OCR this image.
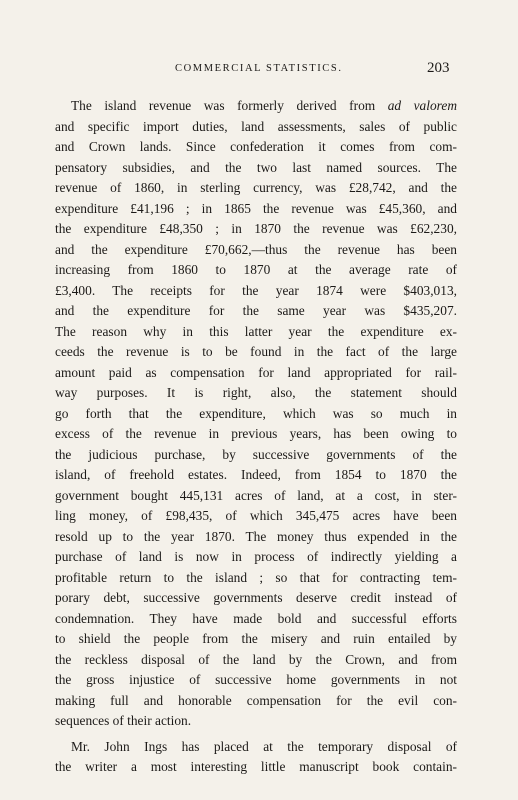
COMMERCIAL STATISTICS.	203
The island revenue was formerly derived from ad valorem
and specific import duties, land assessments, sales of public
and Crown lands. Since confederation it comes from com-
pensatory subsidies, and the two last named sources. The
revenue of 1860, in sterling currency, was £28,742, and the
expenditure £41,196 ; in 1865 the revenue was £45,360, and
the expenditure £48,350 ; in 1870 the revenue was £62,230,
and the expenditure £70,662,—thus the revenue has been
increasing from 1860 to 1870 at the average rate of
£3,400. The receipts for the year 1874 were $403,013,
and the expenditure for the same year was $435,207.
The reason why in this latter year the expenditure ex-
ceeds the revenue is to be found in the fact of the large
amount paid as compensation for land appropriated for rail-
way purposes. It is right, also, the statement should
go forth that the expenditure, which was so much in
excess of the revenue in previous years, has been owing to
the judicious purchase, by successive governments of the
island, of freehold estates. Indeed, from 1854 to 1870 the
government bought 445,131 acres of land, at a cost, in ster-
ling money, of £98,435, of which 345,475 acres have been
resold up to the year 1870. The money thus expended in the
purchase of land is now in process of indirectly yielding a
profitable return to the island ; so that for contracting tem-
porary debt, successive governments deserve credit instead of
condemnation. They have made bold and successful efforts
to shield the people from the misery and ruin entailed by
the reckless disposal of the land by the Crown, and from
the gross injustice of successive home governments in not
making full and honorable compensation for the evil con-
sequences of their action.
Mr. John Ings has placed at the temporary disposal of
the writer a most interesting little manuscript book contain-
